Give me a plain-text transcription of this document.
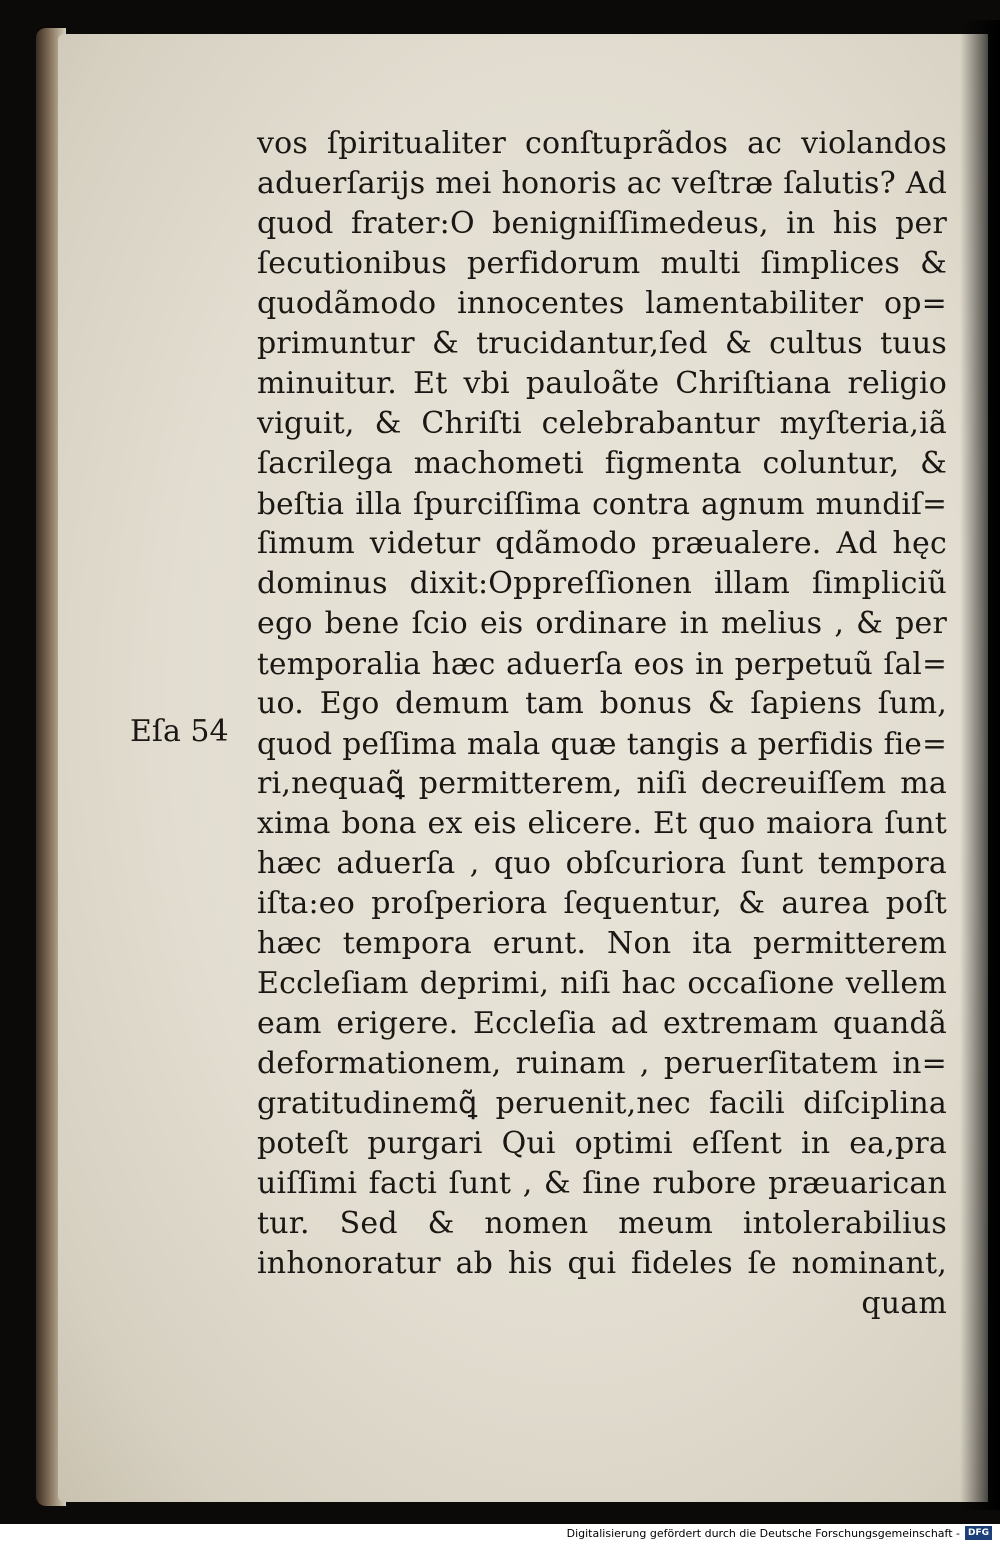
Eſa 54
vos ſpiritualiter conſtuprãdos ac violandos
aduerſarijs mei honoris ac veſtræ ſalutis? Ad
quod frater:O benigniſſimedeus, in his per
ſecutionibus perfidorum multi ſimplices &
quodãmodo innocentes lamentabiliter op=
primuntur & trucidantur,ſed & cultus tuus
minuitur. Et vbi pauloãte Chriſtiana religio
viguit, & Chriſti celebrabantur myſteria,iã
ſacrilega machometi figmenta coluntur, &
beſtia illa ſpurciſſima contra agnum mundiſ=
ſimum videtur qdãmodo præualere. Ad hęc
dominus dixit:Oppreſſionen illam ſimpliciũ
ego bene ſcio eis ordinare in melius , & per
temporalia hæc aduerſa eos in perpetuũ ſal=
uo. Ego demum tam bonus & ſapiens ſum,
quod peſſima mala quæ tangis a perfidis fie=
ri,nequaꝗ̃ permitterem, niſi decreuiſſem ma
xima bona ex eis elicere. Et quo maiora ſunt
hæc aduerſa , quo obſcuriora ſunt tempora
iſta:eo proſperiora ſequentur, & aurea poſt
hæc tempora erunt. Non ita permitterem
Eccleſiam deprimi, niſi hac occaſione vellem
eam erigere. Eccleſia ad extremam quandã
deformationem, ruinam , peruerſitatem in=
gratitudinemꝗ̃ peruenit,nec facili diſciplina
poteſt purgari Qui optimi eſſent in ea,pra
uiſſimi facti ſunt , & ſine rubore præuarican
tur. Sed & nomen meum intolerabilius
inhonoratur ab his qui fideles ſe nominant,
quam
Digitalisierung gefördert durch die Deutsche Forschungsgemeinschaft - DFG
